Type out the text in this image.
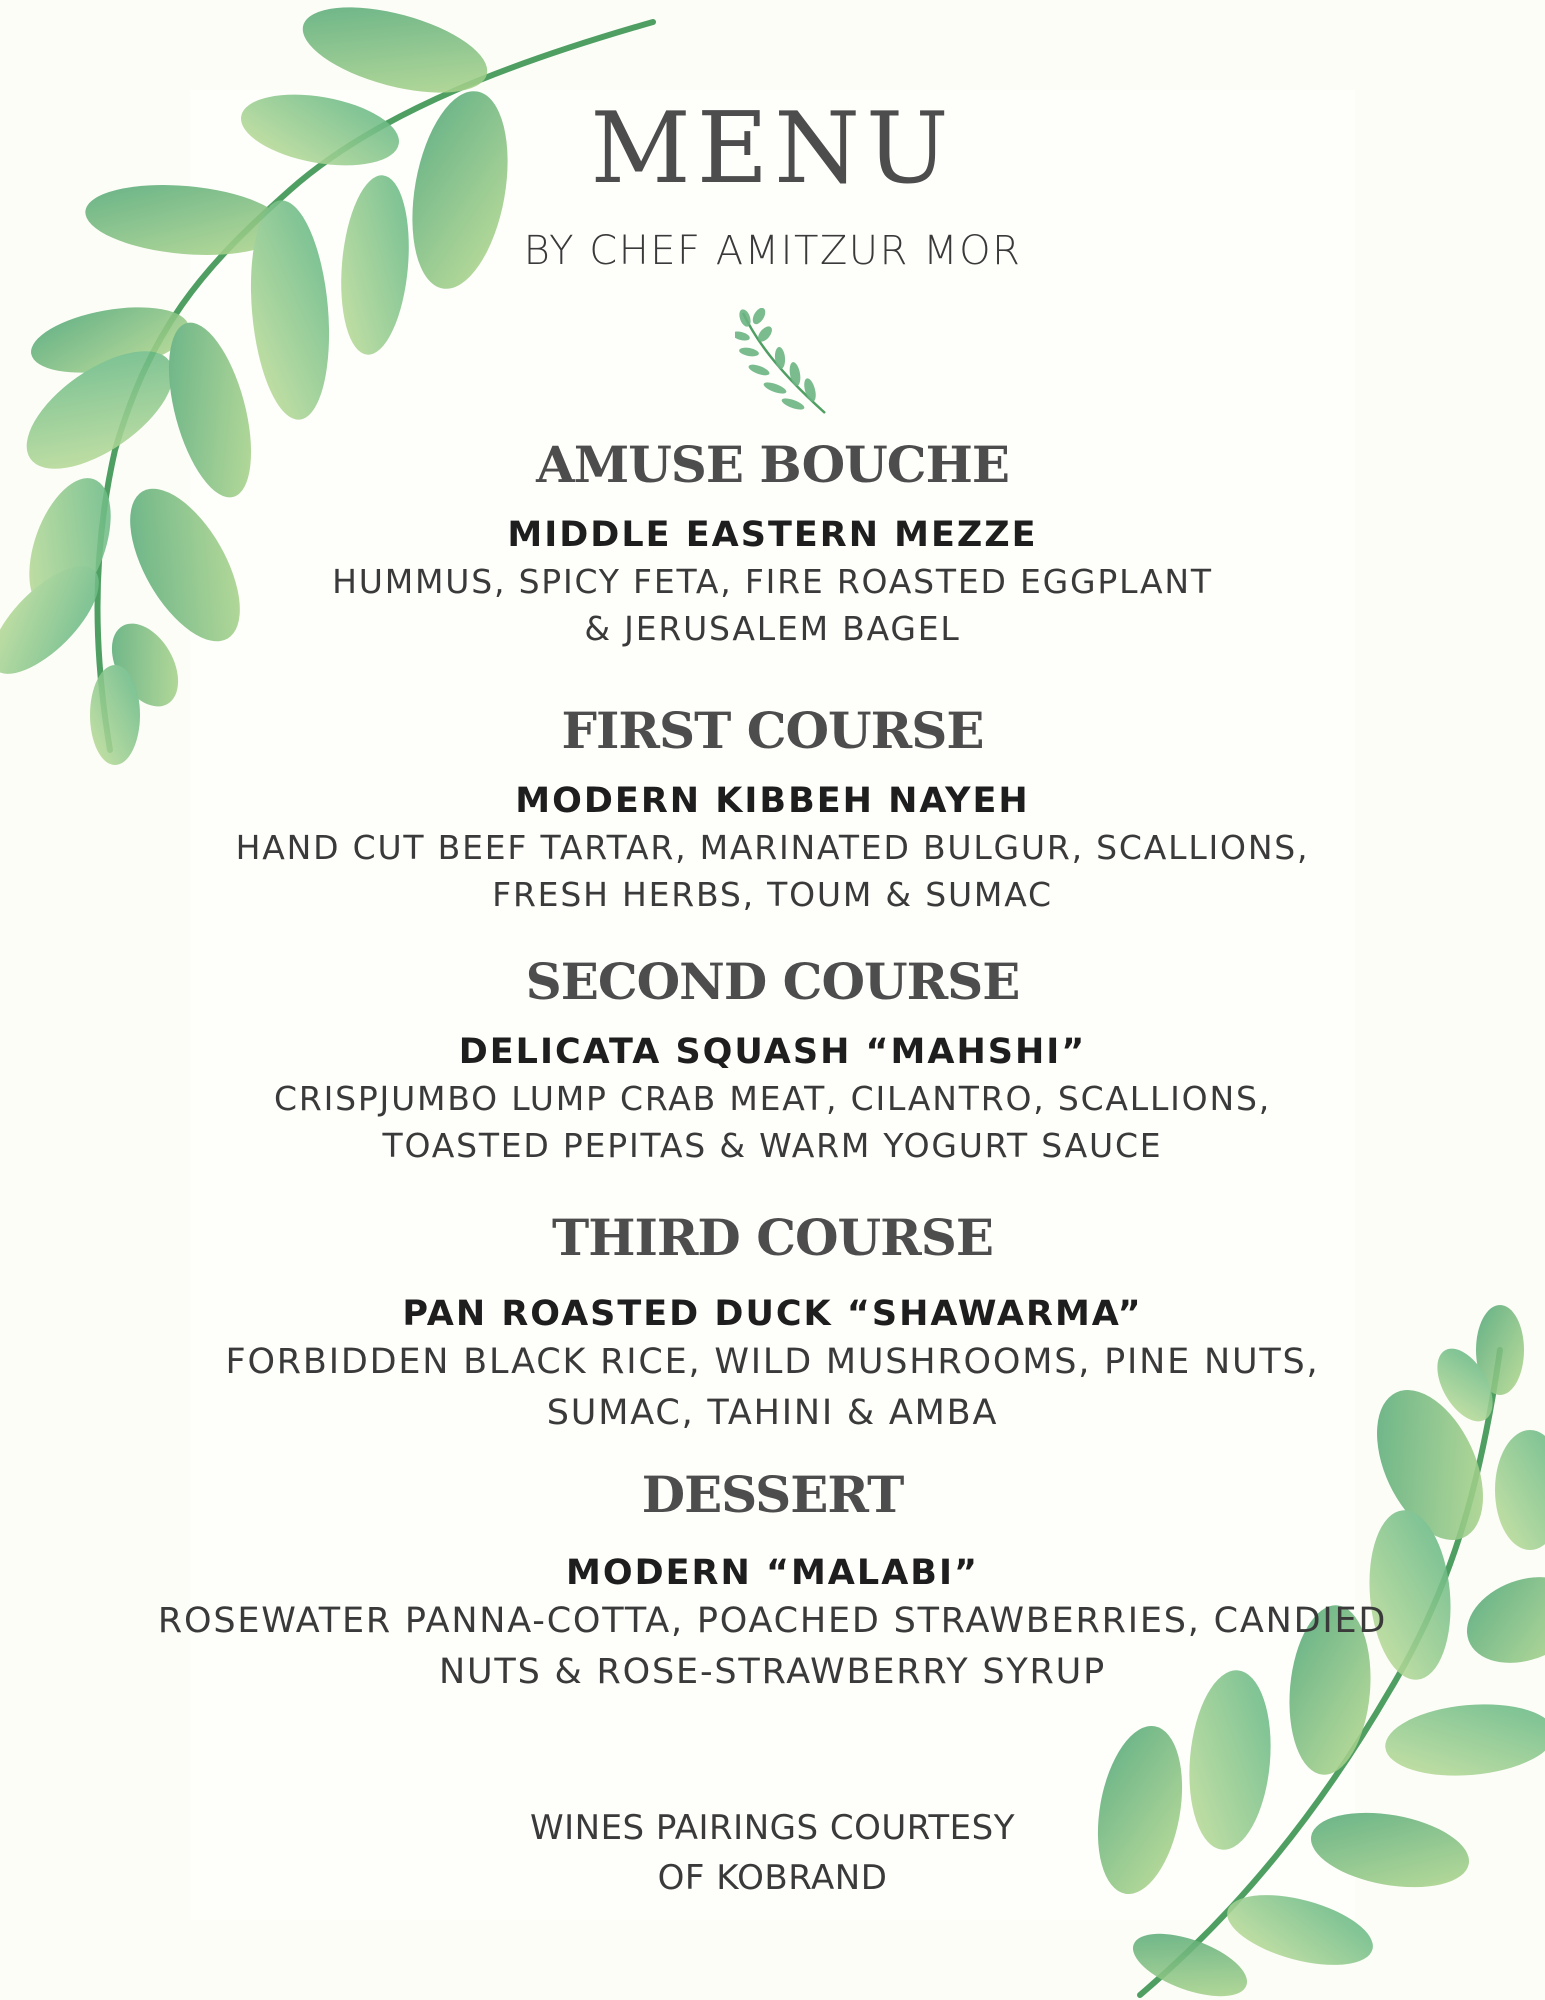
MENU
BY CHEF AMITZUR MOR
AMUSE BOUCHE
MIDDLE EASTERN MEZZE
HUMMUS, SPICY FETA, FIRE ROASTED EGGPLANT
& JERUSALEM BAGEL
FIRST COURSE
MODERN KIBBEH NAYEH
HAND CUT BEEF TARTAR, MARINATED BULGUR, SCALLIONS,
FRESH HERBS, TOUM & SUMAC
SECOND COURSE
DELICATA SQUASH “MAHSHI”
CRISPJUMBO LUMP CRAB MEAT, CILANTRO, SCALLIONS,
TOASTED PEPITAS & WARM YOGURT SAUCE
THIRD COURSE
PAN ROASTED DUCK “SHAWARMA”
FORBIDDEN BLACK RICE, WILD MUSHROOMS, PINE NUTS,
SUMAC, TAHINI & AMBA
DESSERT
MODERN “MALABI”
ROSEWATER PANNA-COTTA, POACHED STRAWBERRIES, CANDIED
NUTS & ROSE-STRAWBERRY SYRUP
WINES PAIRINGS COURTESY
OF KOBRAND
